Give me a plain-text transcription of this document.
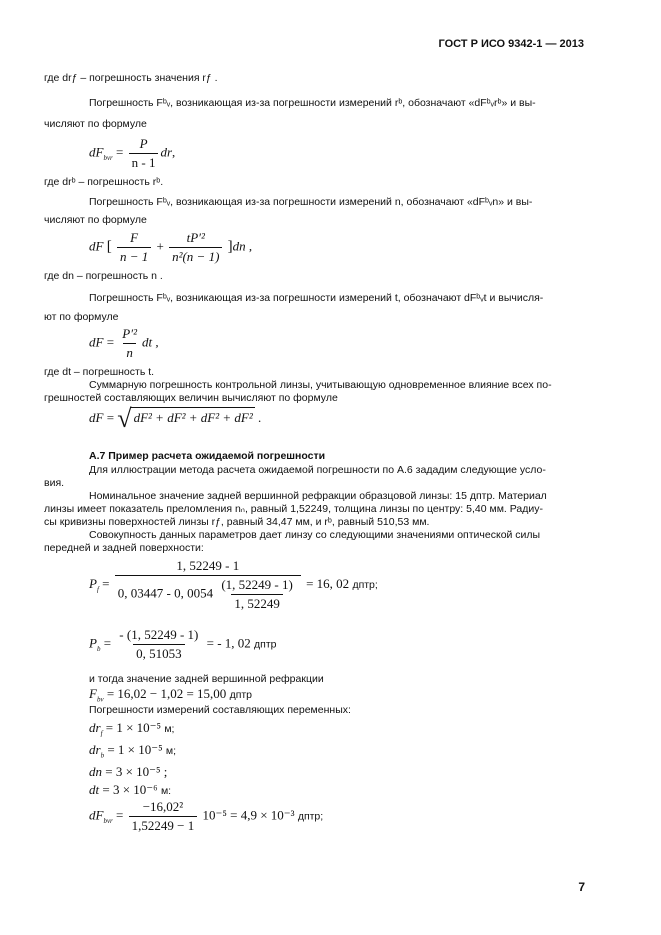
ГОСТ Р ИСО 9342-1 — 2013
где drƒ – погрешность значения rƒ .
Погрешность Fᵇᵥ, возникающая из-за погрешности измерений rᵇ, обозначают «dFᵇᵥrᵇ» и вы-
числяют по формуле
$dF_{bvr} = \frac{P}{n - 1}$ dr,
где drᵇ – погрешность rᵇ.
Погрешность Fᵇᵥ, возникающая из-за погрешности измерений n, обозначают «dFᵇᵥn» и вы-
числяют по формуле
dF [ $\frac{F}{n - 1} + \frac{\text{tP′²}}{\text{n²(n − 1)}} ]dn$ ,
где dn – погрешность n .
Погрешность Fᵇᵥ, возникающая из-за погрешности измерений t, обозначают dFᵇᵥt и вычисля-
ют по формуле
dF = $\frac{\text{P′²}}{n}$ dt ,
где dt – погрешность t.
Суммарную погрешность контрольной линзы, учитывающую одновременное влияние всех по-
грешностей составляющих величин вычисляют по формуле
dF = √ dF² + dF² + dF² + dF² .
А.7 Пример расчета ожидаемой погрешности
Для иллюстрации метода расчета ожидаемой погрешности по А.6 зададим следующие усло-
вия.
Номинальное значение задней вершинной рефракции образцовой линзы: 15 дптр. Материал
линзы имеет показатель преломления nₙ, равный 1,52249, толщина линзы по центру: 5,40 мм. Радиу-
сы кривизны поверхностей линзы rƒ, равный 34,47 мм, и rᵇ, равный 510,53 мм.
Совокупность данных параметров дает линзу со следующими значениями оптической силы
передней и задней поверхности:
$P_f = \frac{1, 52249 - 1}{0, 03447 - 0, 0054 \frac{(1, 52249 - 1)}{1, 52249}} = 16$, 02 дптр;
$P_b = \frac{- (1, 52249 - 1)}{0, 51053}$ = - 1, 02 дптр
и тогда значение задней вершинной рефракции
$F_{bv} = 16,02 - 1,02 = 15,00$ дптр
Погрешности измерений составляющих переменных:
$dr_f = 1 \times 10^{-5}$ м;
$dr_b = 1 \times 10^{-5}$ м;
dn = 3 × 10⁻⁵ ;
dt = 3 × 10⁻⁶ м:
$dF_{bvr} = \frac{\text{−16,02²}}{1,52249 - 1} 10^{-5} = 4,9 \times 10^{-3}$ дптр;
7
